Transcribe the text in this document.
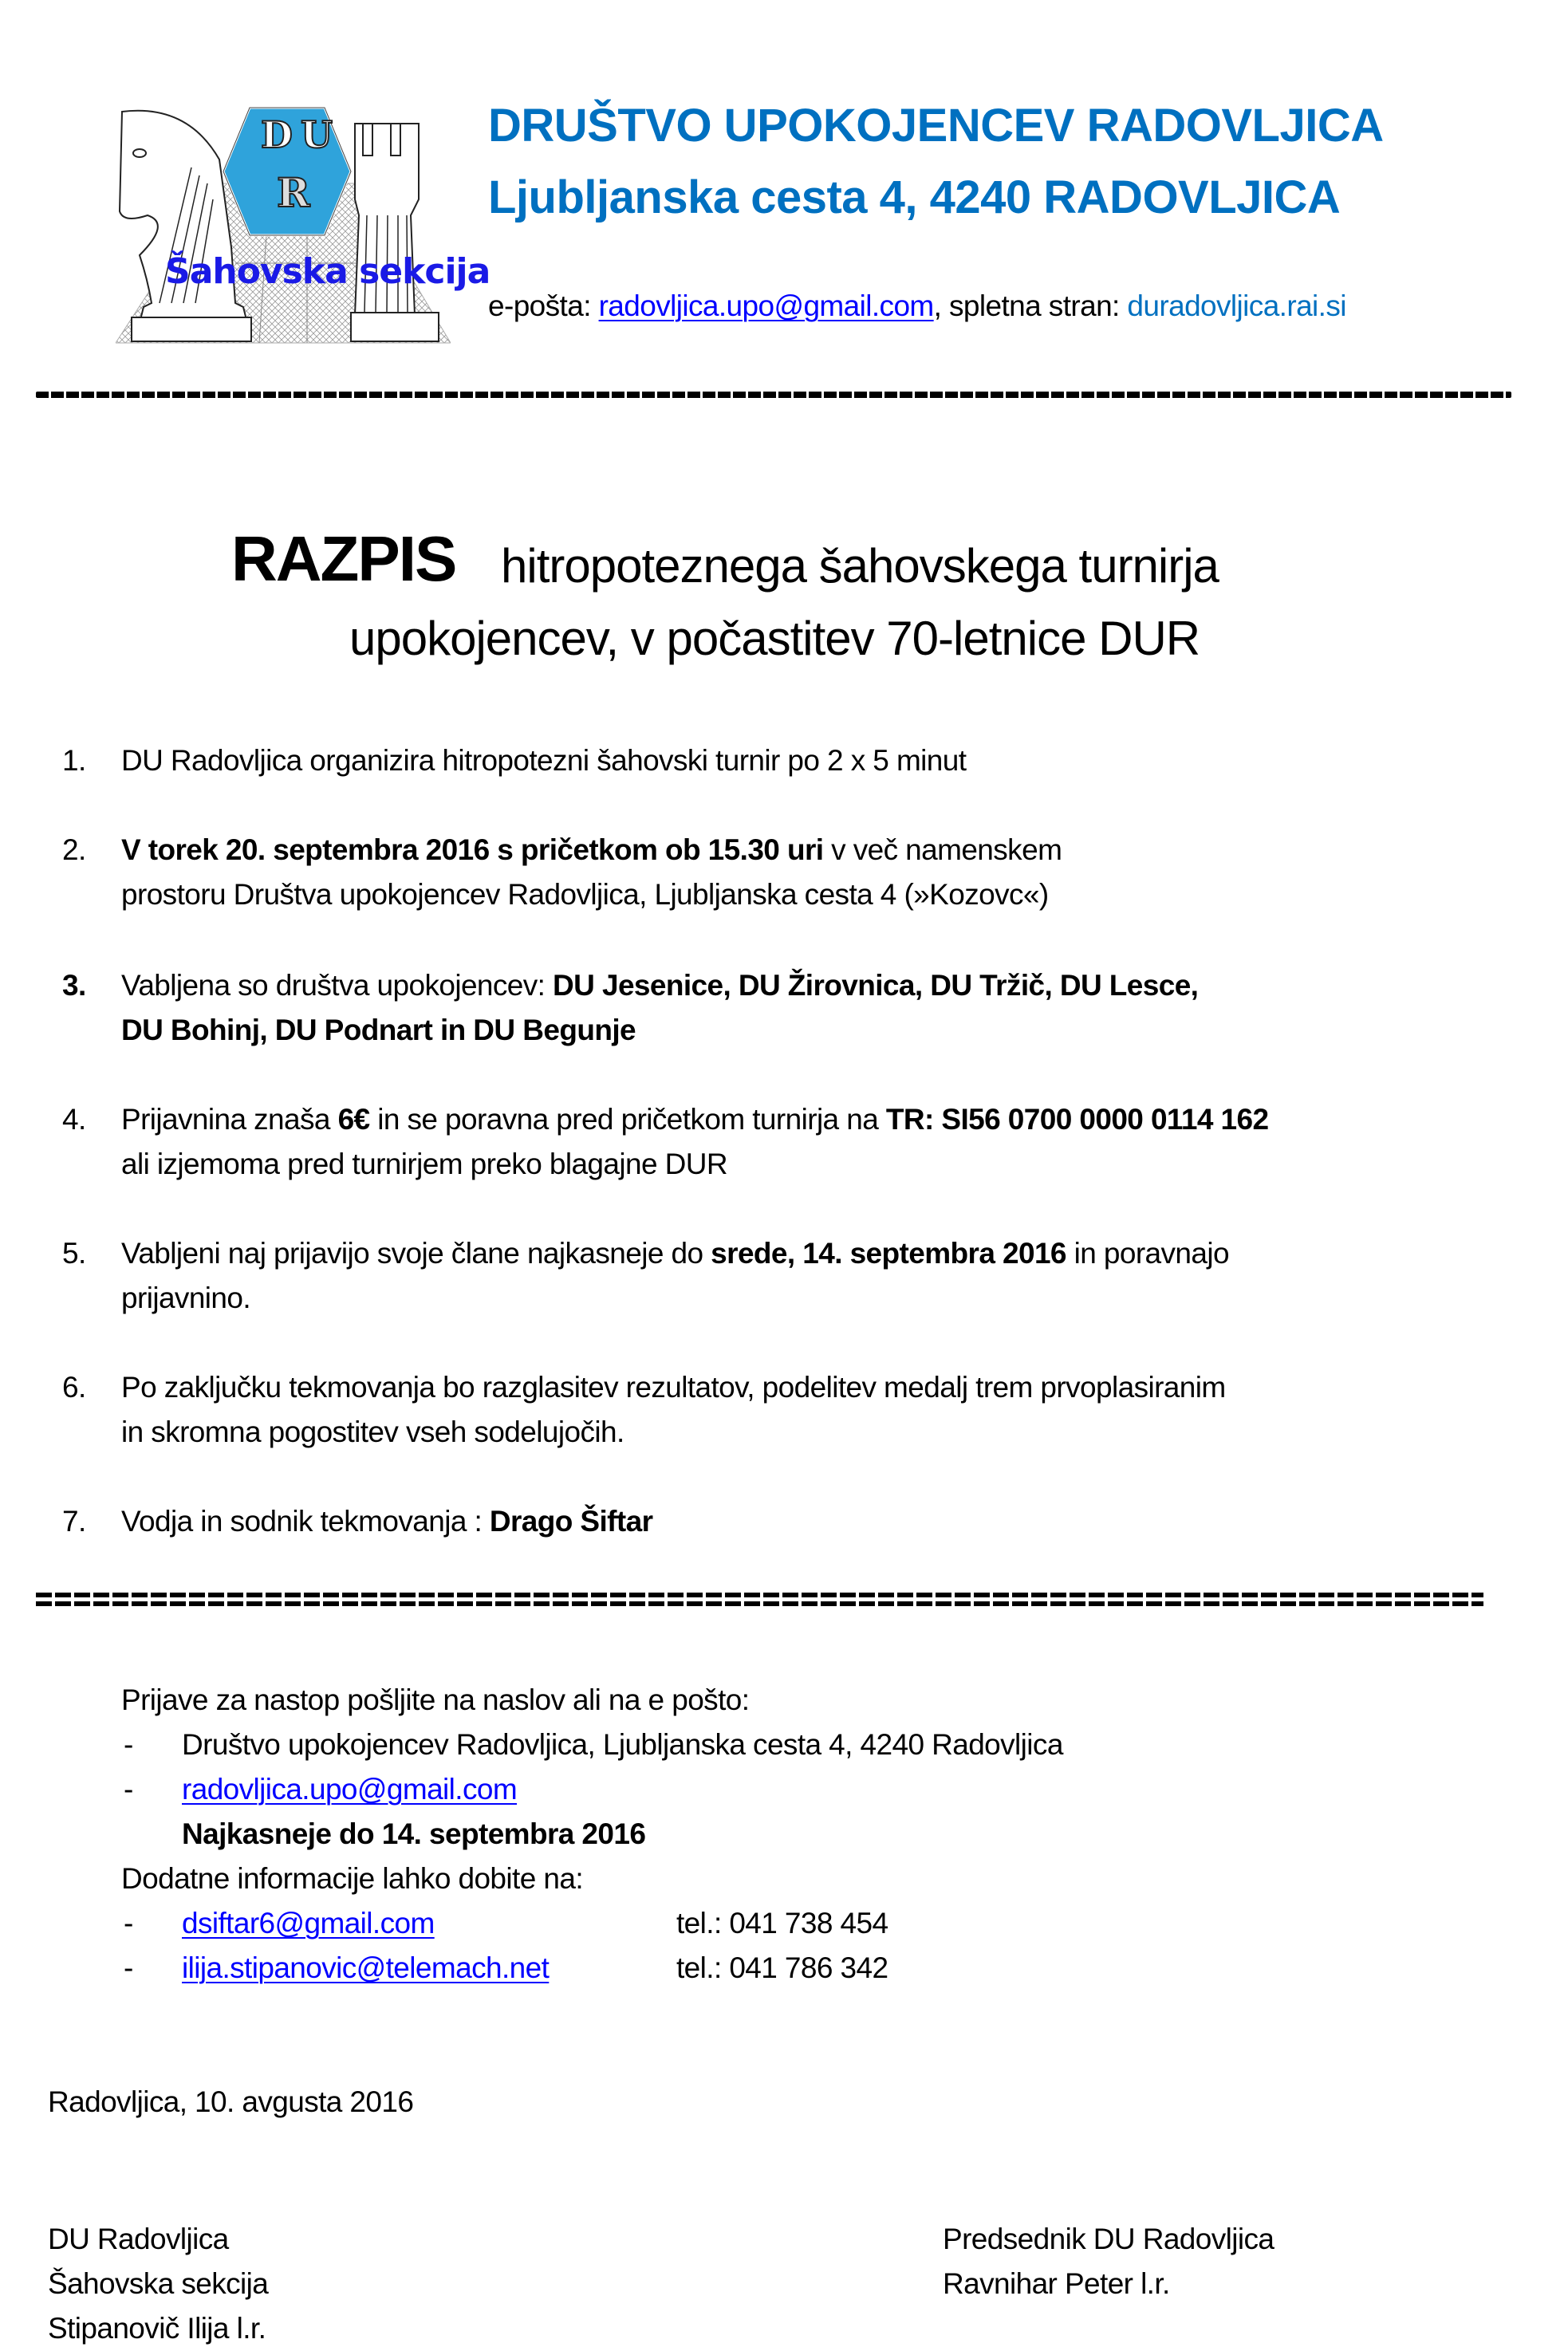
D U
R
Šahovska sekcija
DRUŠTVO UPOKOJENCEV RADOVLJICA
Ljubljanska cesta 4, 4240 RADOVLJICA
e-pošta: radovljica.upo@gmail.com, spletna stran: duradovljica.rai.si
RAZPIS hitropoteznega šahovskega turnirja
upokojencev, v počastitev 70-letnice DUR
1. DU Radovljica organizira hitropotezni šahovski turnir po 2 x 5 minut
2. V torek 20. septembra 2016 s pričetkom ob 15.30 uri v več namenskem
prostoru Društva upokojencev Radovljica, Ljubljanska cesta 4 (»Kozovc«)
3. Vabljena so društva upokojencev: DU Jesenice, DU Žirovnica, DU Tržič, DU Lesce,
DU Bohinj, DU Podnart in DU Begunje
4. Prijavnina znaša 6€ in se poravna pred pričetkom turnirja na TR: SI56 0700 0000 0114 162
ali izjemoma pred turnirjem preko blagajne DUR
5. Vabljeni naj prijavijo svoje člane najkasneje do srede, 14. septembra 2016 in poravnajo
prijavnino.
6. Po zaključku tekmovanja bo razglasitev rezultatov, podelitev medalj trem prvoplasiranim
in skromna pogostitev vseh sodelujočih.
7. Vodja in sodnik tekmovanja : Drago Šiftar
Prijave za nastop pošljite na naslov ali na e pošto:
- Društvo upokojencev Radovljica, Ljubljanska cesta 4, 4240 Radovljica
- radovljica.upo@gmail.com
Najkasneje do 14. septembra 2016
Dodatne informacije lahko dobite na:
- dsiftar6@gmail.com	tel.: 041 738 454
- ilija.stipanovic@telemach.net	tel.: 041 786 342
Radovljica, 10. avgusta 2016
DU Radovljica
Šahovska sekcija
Stipanovič Ilija l.r.
Predsednik DU Radovljica
Ravnihar Peter l.r.
